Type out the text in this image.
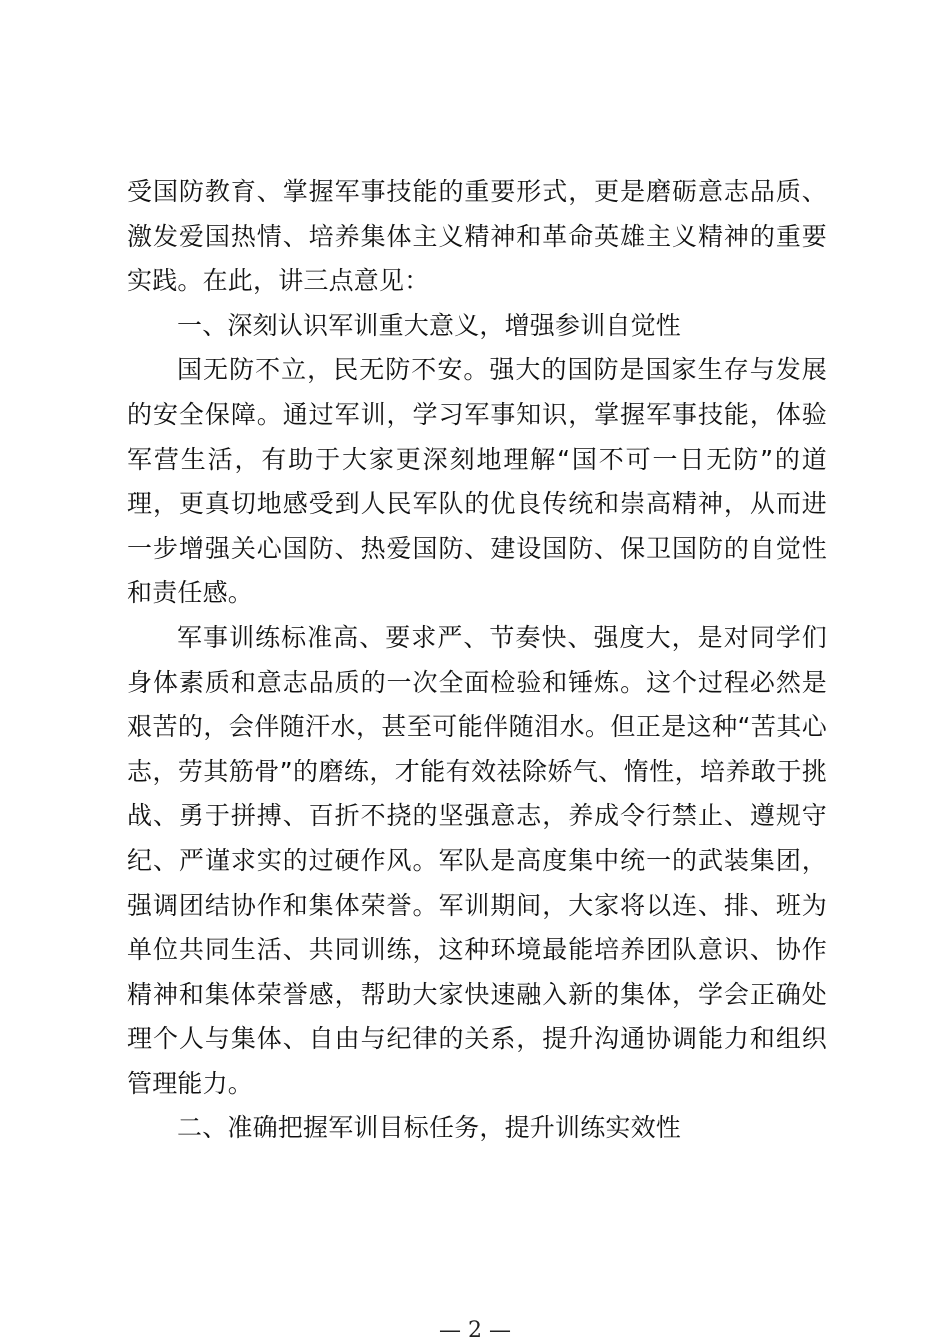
受国防教育、掌握军事技能的重要形式，更是磨砺意志品质、激发爱国热情、培养集体主义精神和革命英雄主义精神的重要实践。在此，讲三点意见：

一、深刻认识军训重大意义，增强参训自觉性

国无防不立，民无防不安。强大的国防是国家生存与发展的安全保障。通过军训，学习军事知识，掌握军事技能，体验军营生活，有助于大家更深刻地理解“国不可一日无防”的道理，更真切地感受到人民军队的优良传统和崇高精神，从而进一步增强关心国防、热爱国防、建设国防、保卫国防的自觉性和责任感。

军事训练标准高、要求严、节奏快、强度大，是对同学们身体素质和意志品质的一次全面检验和锤炼。这个过程必然是艰苦的，会伴随汗水，甚至可能伴随泪水。但正是这种“苦其心志，劳其筋骨”的磨练，才能有效祛除娇气、惰性，培养敢于挑战、勇于拼搏、百折不挠的坚强意志，养成令行禁止、遵规守纪、严谨求实的过硬作风。军队是高度集中统一的武装集团，强调团结协作和集体荣誉。军训期间，大家将以连、排、班为单位共同生活、共同训练，这种环境最能培养团队意识、协作精神和集体荣誉感，帮助大家快速融入新的集体，学会正确处理个人与集体、自由与纪律的关系，提升沟通协调能力和组织管理能力。

二、准确把握军训目标任务，提升训练实效性

— 2 —
